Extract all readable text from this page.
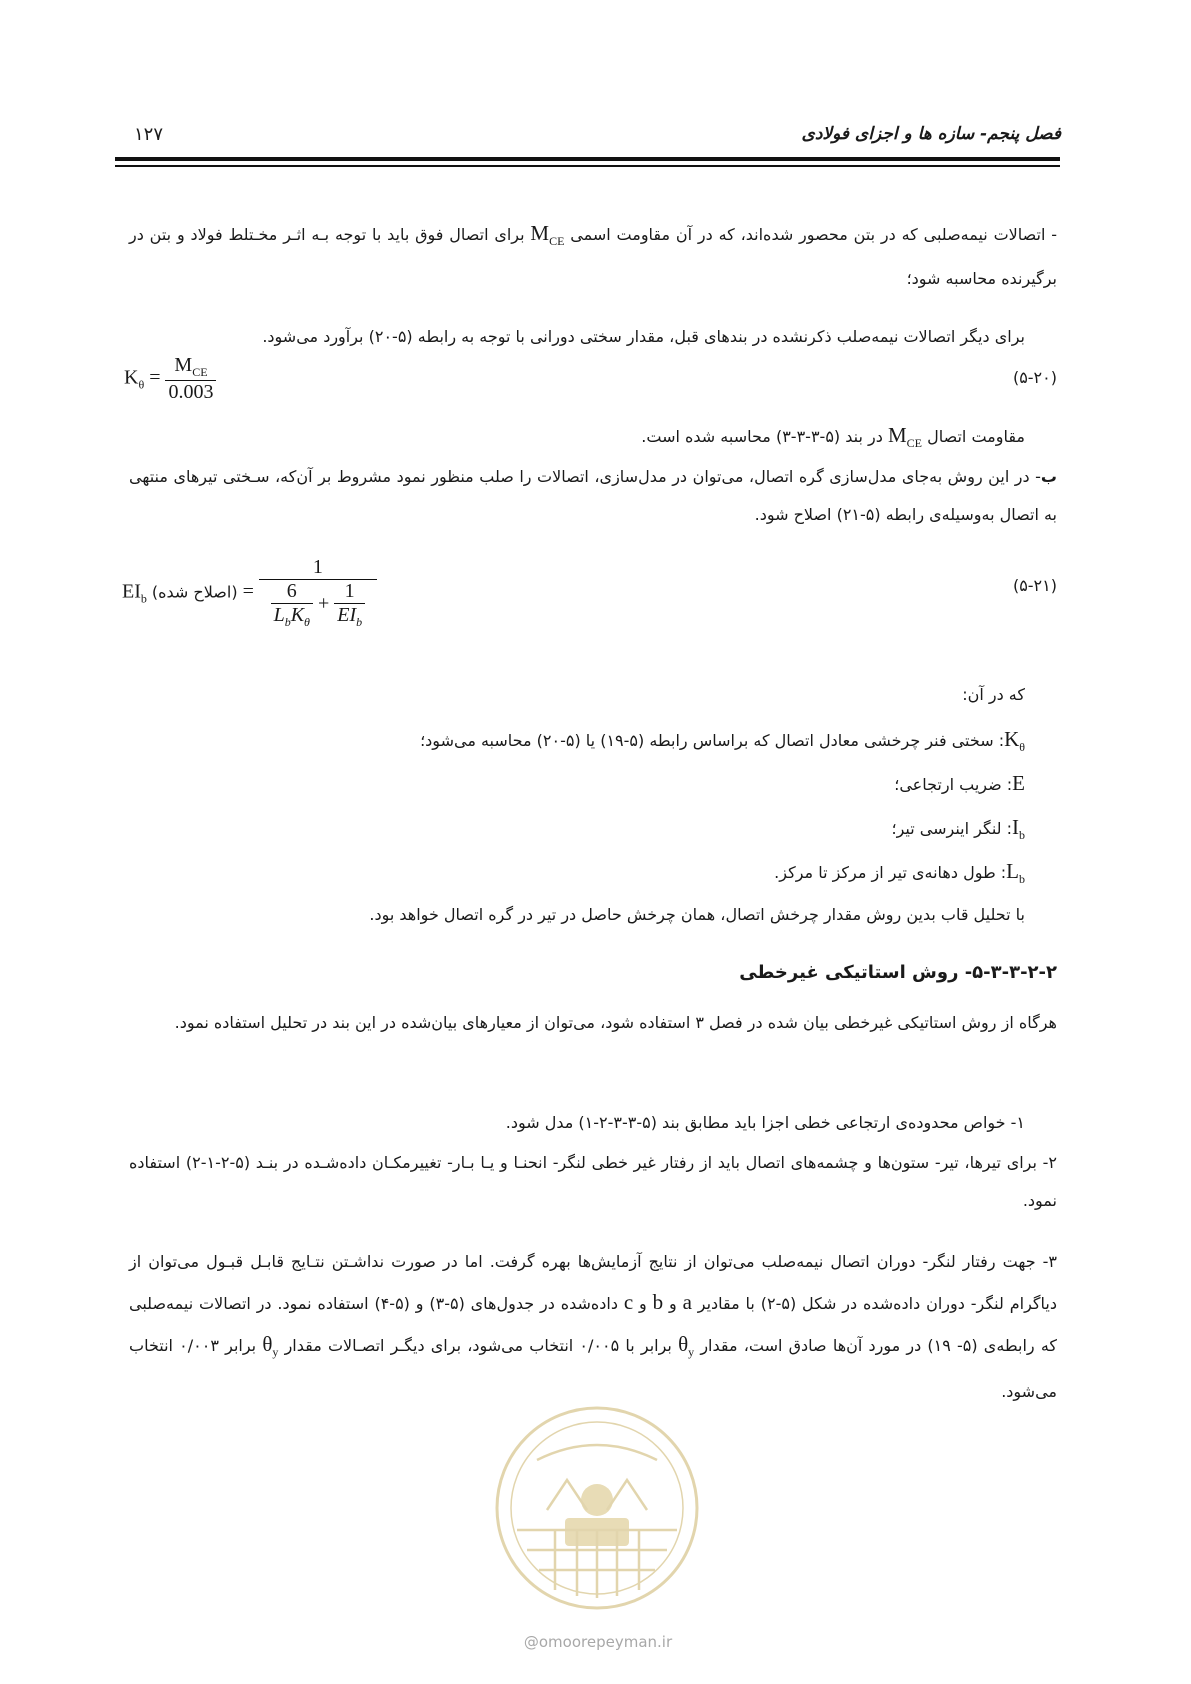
فصل پنجم- سازه ها و اجزای فولادی
۱۲۷

- اتصالات نیمه‌صلبی که در بتن محصور شده‌اند، که در آن مقاومت اسمی $M_{CE}$ برای اتصال فوق باید با توجه بـه اثـر مخـتلط فولاد و بتن در برگیرنده محاسبه شود؛

برای دیگر اتصالات نیمه‌صلب ذکرنشده در بندهای قبل، مقدار سختی دورانی با توجه به رابطه (۵-۲۰) برآورد می‌شود.

(۵-۲۰)
$K_\theta = \frac{M_{CE}}{0.003}$

مقاومت اتصال $M_{CE}$ در بند (۵-۳-۳-۳) محاسبه شده است.

ب- در این روش به‌جای مدل‌سازی گره اتصال، می‌توان در مدل‌سازی، اتصالات را صلب منظور نمود مشروط بر آن‌که، سـختی تیرهای منتهی به اتصال به‌وسیله‌ی رابطه (۵-۲۱) اصلاح شود.

(۵-۲۱)
$EI_b$ (اصلاح شده) =
1
$\frac{6}{L_bK_\theta} + \frac{1}{EI_b}$

که در آن:

$K_\theta$: سختی فنر چرخشی معادل اتصال که براساس رابطه (۵-۱۹) یا (۵-۲۰) محاسبه می‌شود؛

E: ضریب ارتجاعی؛

$I_b$: لنگر اینرسی تیر؛

$L_b$: طول دهانه‌ی تیر از مرکز تا مرکز.

با تحلیل قاب بدین روش مقدار چرخش اتصال، همان چرخش حاصل در تیر در گره اتصال خواهد بود.

۵-۳-۳-۲-۲- روش استاتیکی غیرخطی

هرگاه از روش استاتیکی غیرخطی بیان شده در فصل ۳ استفاده شود، می‌توان از معیارهای بیان‌شده در این بند در تحلیل استفاده نمود.

۱- خواص محدوده‌ی ارتجاعی خطی اجزا باید مطابق بند (۵-۳-۳-۲-۱) مدل شود.

۲- برای تیرها، تیر- ستون‌ها و چشمه‌های اتصال باید از رفتار غیر خطی لنگر- انحنـا و یـا بـار- تغییرمکـان داده‌شـده در بنـد (۵-۲-۱-۲) استفاده نمود.

۳- جهت رفتار لنگر- دوران اتصال نیمه‌صلب می‌توان از نتایج آزمایش‌ها بهره گرفت. اما در صورت نداشـتن نتـایج قابـل قبـول می‌توان از دیاگرام لنگر- دوران داده‌شده در شکل (۵-۲) با مقادیر a و b و c داده‌شده در جدول‌های (۵-۳) و (۵-۴) استفاده نمود. در اتصالات نیمه‌صلبی که رابطه‌ی (۵- ۱۹) در مورد آن‌ها صادق است، مقدار $\theta_y$ برابر با ۰/۰۰۵ انتخاب می‌شود، برای دیگـر اتصـالات مقدار $\theta_y$ برابر ۰/۰۰۳ انتخاب می‌شود.

@omoorepeyman.ir
